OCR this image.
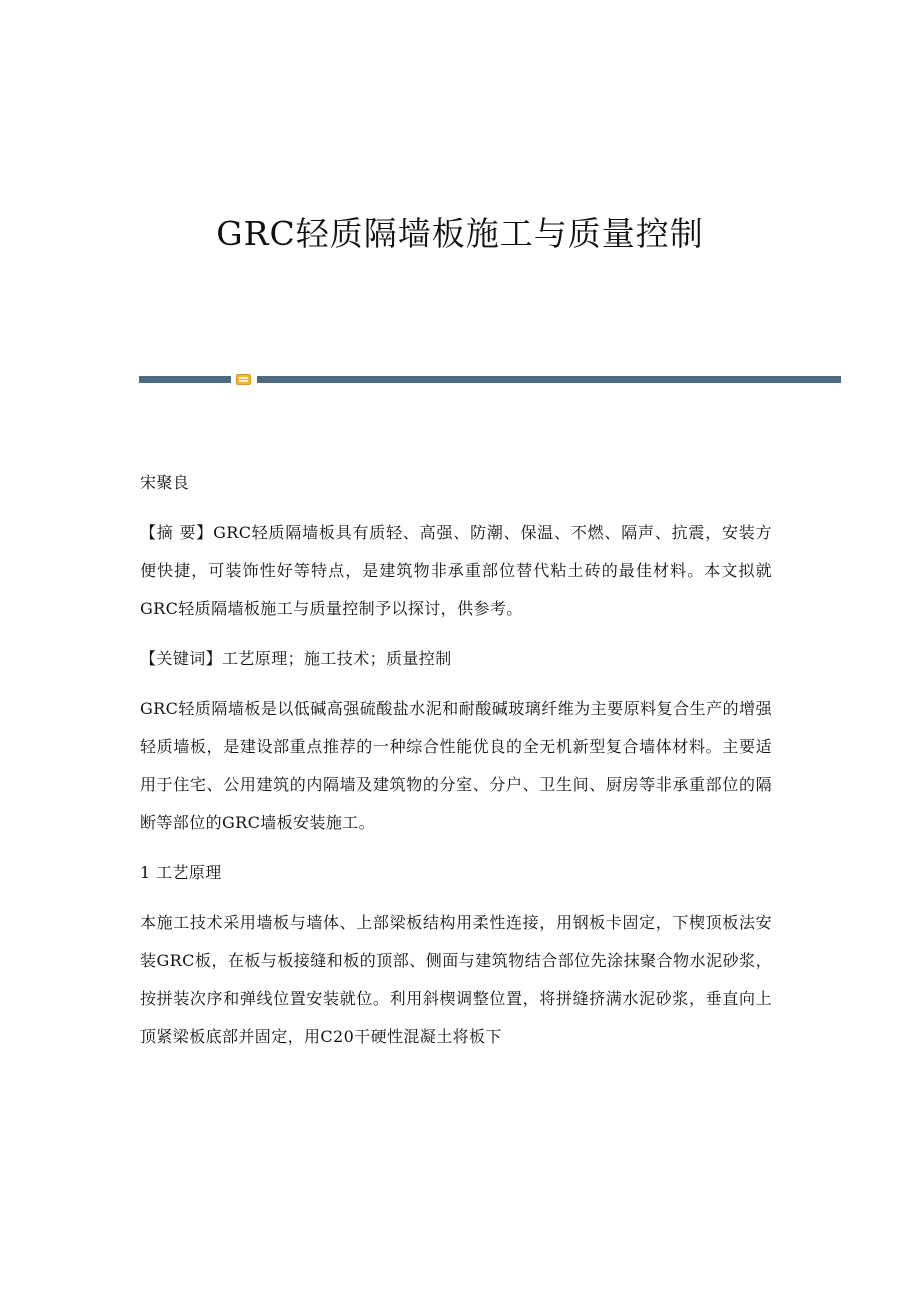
GRC轻质隔墙板施工与质量控制

宋聚良

【摘 要】GRC轻质隔墙板具有质轻、高强、防潮、保温、不燃、隔声、抗震，安装方便快捷，可装饰性好等特点，是建筑物非承重部位替代粘土砖的最佳材料。本文拟就GRC轻质隔墙板施工与质量控制予以探讨，供参考。

【关键词】工艺原理；施工技术；质量控制

GRC轻质隔墙板是以低碱高强硫酸盐水泥和耐酸碱玻璃纤维为主要原料复合生产的增强轻质墙板，是建设部重点推荐的一种综合性能优良的全无机新型复合墙体材料。主要适用于住宅、公用建筑的内隔墙及建筑物的分室、分户、卫生间、厨房等非承重部位的隔断等部位的GRC墙板安装施工。

1 工艺原理

本施工技术采用墙板与墙体、上部梁板结构用柔性连接，用钢板卡固定，下楔顶板法安装GRC板，在板与板接缝和板的顶部、侧面与建筑物结合部位先涂抹聚合物水泥砂浆，按拼装次序和弹线位置安装就位。利用斜楔调整位置，将拼缝挤满水泥砂浆，垂直向上顶紧梁板底部并固定，用C20干硬性混凝土将板下
